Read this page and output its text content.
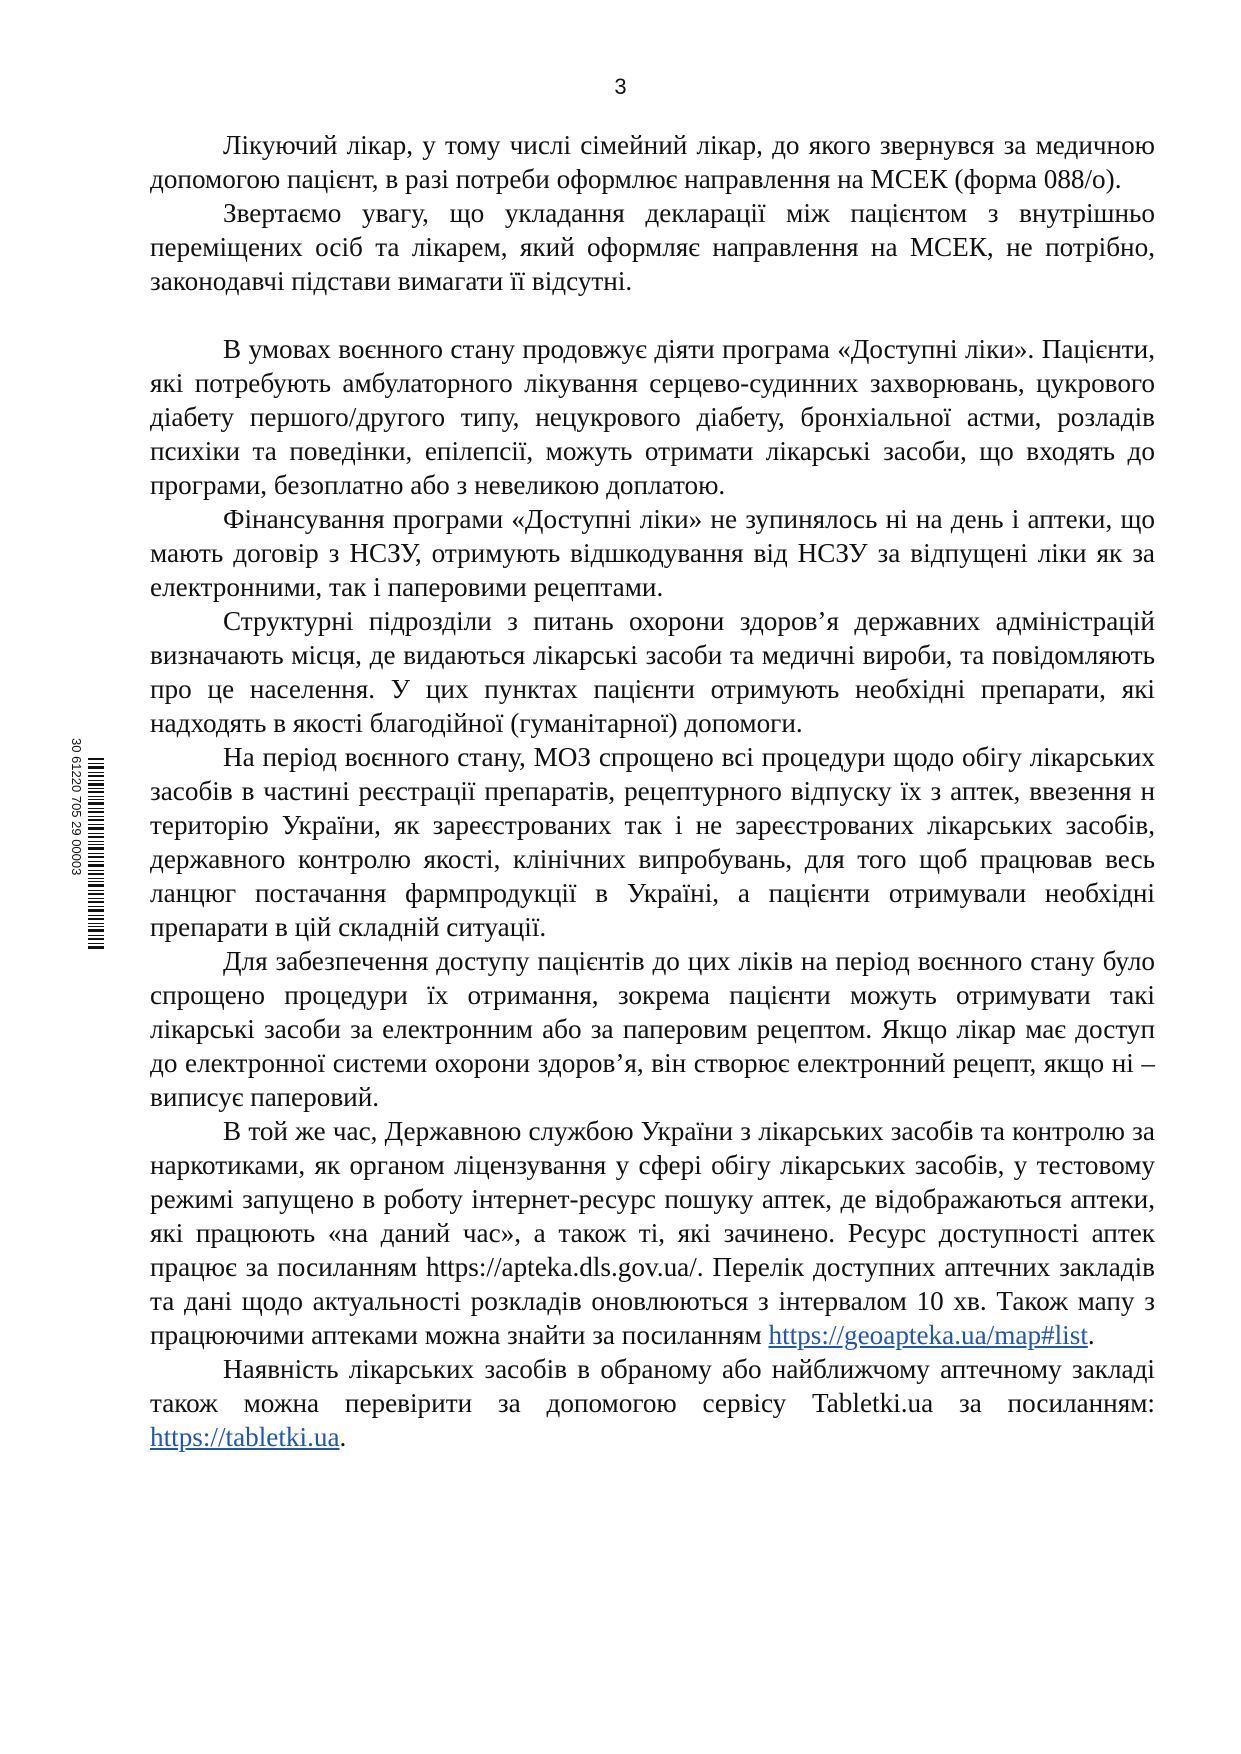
3

Лікуючий лікар, у тому числі сімейний лікар, до якого звернувся за медичною допомогою пацієнт, в разі потреби оформлює направлення на МСЕК (форма 088/о).

Звертаємо увагу, що укладання декларації між пацієнтом з внутрішньо переміщених осіб та лікарем, який оформляє направлення на МСЕК, не потрібно, законодавчі підстави вимагати її відсутні.

В умовах воєнного стану продовжує діяти програма «Доступні ліки». Пацієнти, які потребують амбулаторного лікування серцево-судинних захворювань, цукрового діабету першого/другого типу, нецукрового діабету, бронхіальної астми, розладів психіки та поведінки, епілепсії, можуть отримати лікарські засоби, що входять до програми, безоплатно або з невеликою доплатою.

Фінансування програми «Доступні ліки» не зупинялось ні на день і аптеки, що мають договір з НСЗУ, отримують відшкодування від НСЗУ за відпущені ліки як за електронними, так і паперовими рецептами.

Структурні підрозділи з питань охорони здоров’я державних адміністрацій визначають місця, де видаються лікарські засоби та медичні вироби, та повідомляють про це населення. У цих пунктах пацієнти отримують необхідні препарати, які надходять в якості благодійної (гуманітарної) допомоги.

На період воєнного стану, МОЗ спрощено всі процедури щодо обігу лікарських засобів в частині реєстрації препаратів, рецептурного відпуску їх з аптек, ввезення н територію України, як зареєстрованих так і не зареєстрованих лікарських засобів, державного контролю якості, клінічних випробувань, для того щоб працював весь ланцюг постачання фармпродукції в Україні, а пацієнти отримували необхідні препарати в цій складній ситуації.

Для забезпечення доступу пацієнтів до цих ліків на період воєнного стану було спрощено процедури їх отримання, зокрема пацієнти можуть отримувати такі лікарські засоби за електронним або за паперовим рецептом. Якщо лікар має доступ до електронної системи охорони здоров’я, він створює електронний рецепт, якщо ні – виписує паперовий.

В той же час, Державною службою України з лікарських засобів та контролю за наркотиками, як органом ліцензування у сфері обігу лікарських засобів, у тестовому режимі запущено в роботу інтернет-ресурс пошуку аптек, де відображаються аптеки, які працюють «на даний час», а також ті, які зачинено. Ресурс доступності аптек працює за посиланням https://apteka.dls.gov.ua/. Перелік доступних аптечних закладів та дані щодо актуальності розкладів оновлюються з інтервалом 10 хв. Також мапу з працюючими аптеками можна знайти за посиланням https://geoapteka.ua/map#list.

Наявність лікарських засобів в обраному або найближчому аптечному закладі також можна перевірити за допомогою сервісу Tabletki.ua за посиланням: https://tabletki.ua.

30 61220 705 29 00003
